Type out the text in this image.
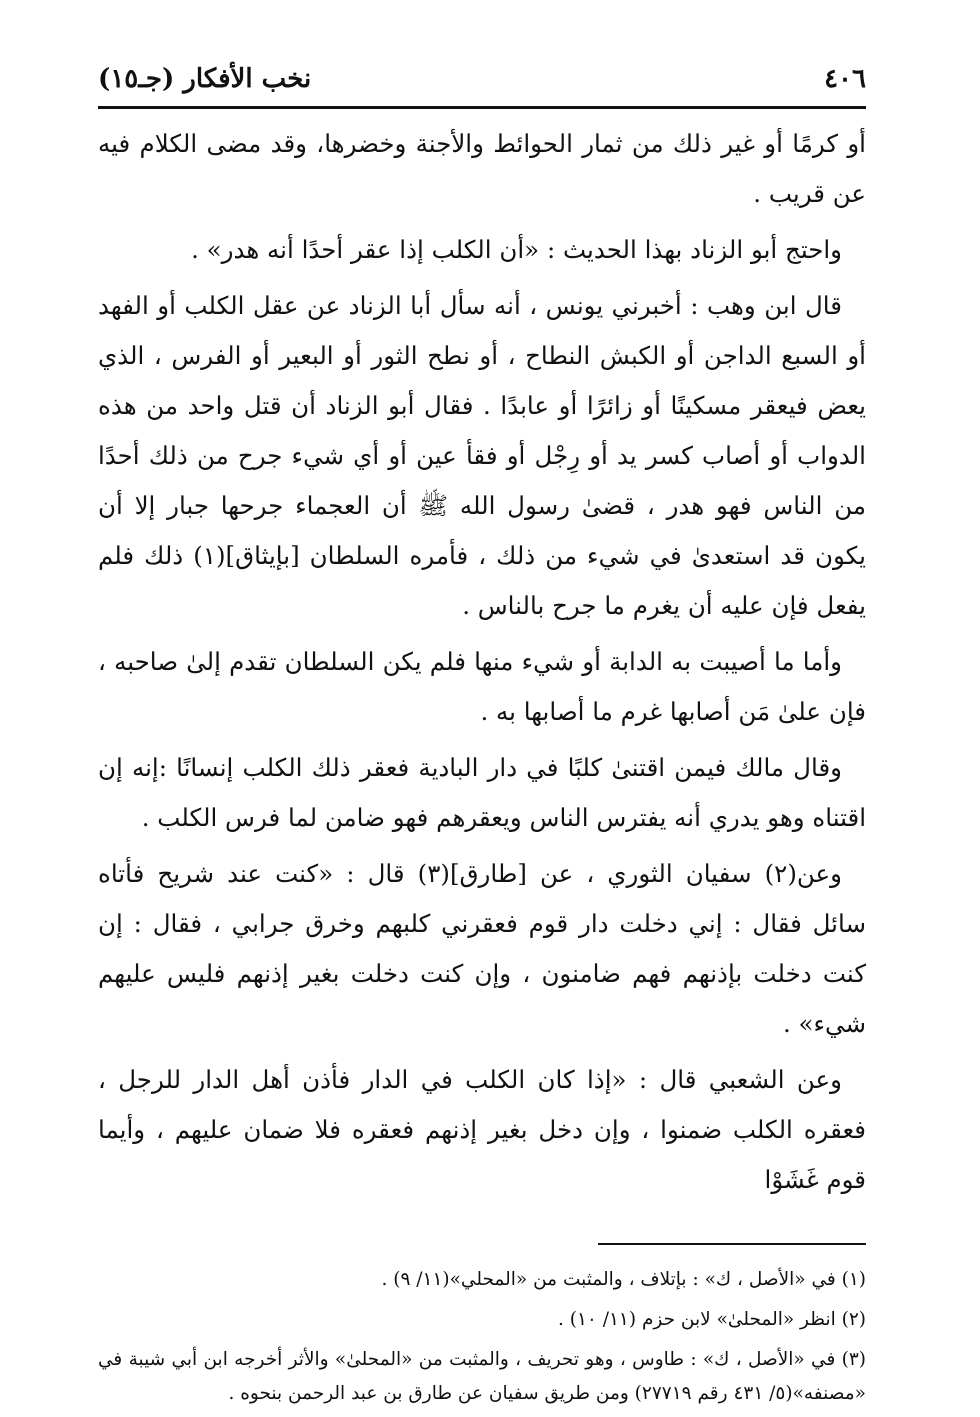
٤٠٦
نخب الأفكار (جـ١٥)

أو كرمًا أو غير ذلك من ثمار الحوائط والأجنة وخضرها، وقد مضى الكلام فيه عن قريب .

واحتج أبو الزناد بهذا الحديث : «أن الكلب إذا عقر أحدًا أنه هدر» .

قال ابن وهب : أخبرني يونس ، أنه سأل أبا الزناد عن عقل الكلب أو الفهد أو السبع الداجن أو الكبش النطاح ، أو نطح الثور أو البعير أو الفرس ، الذي يعض فيعقر مسكينًا أو زائرًا أو عابدًا . فقال أبو الزناد أن قتل واحد من هذه الدواب أو أصاب كسر يد أو رِجْل أو فقأ عين أو أي شيء جرح من ذلك أحدًا من الناس فهو هدر ، قضىٰ رسول الله ﷺ أن العجماء جرحها جبار إلا أن يكون قد استعدىٰ في شيء من ذلك ، فأمره السلطان [بإيثاق](١) ذلك فلم يفعل فإن عليه أن يغرم ما جرح بالناس .

وأما ما أصيبت به الدابة أو شيء منها فلم يكن السلطان تقدم إلىٰ صاحبه ، فإن علىٰ مَن أصابها غرم ما أصابها به .

وقال مالك فيمن اقتنىٰ كلبًا في دار البادية فعقر ذلك الكلب إنسانًا :إنه إن اقتناه وهو يدري أنه يفترس الناس ويعقرهم فهو ضامن لما فرس الكلب .

وعن(٢) سفيان الثوري ، عن [طارق](٣) قال : «كنت عند شريح فأتاه سائل فقال : إني دخلت دار قوم فعقرني كلبهم وخرق جرابي ، فقال : إن كنت دخلت بإذنهم فهم ضامنون ، وإن كنت دخلت بغير إذنهم فليس عليهم شيء» .

وعن الشعبي قال : «إذا كان الكلب في الدار فأذن أهل الدار للرجل ، فعقره الكلب ضمنوا ، وإن دخل بغير إذنهم فعقره فلا ضمان عليهم ، وأيما قوم غَشَوْا

(١) في «الأصل ، ك» : بإتلاف ، والمثبت من «المحلي»(١١/ ٩) .

(٢) انظر «المحلىٰ» لابن حزم (١١/ ١٠) .

(٣) في «الأصل ، ك» : طاوس ، وهو تحريف ، والمثبت من «المحلىٰ» والأثر أخرجه ابن أبي شيبة في «مصنفه»(٥/ ٤٣١ رقم ٢٧٧١٩) ومن طريق سفيان عن طارق بن عبد الرحمن بنحوه .
